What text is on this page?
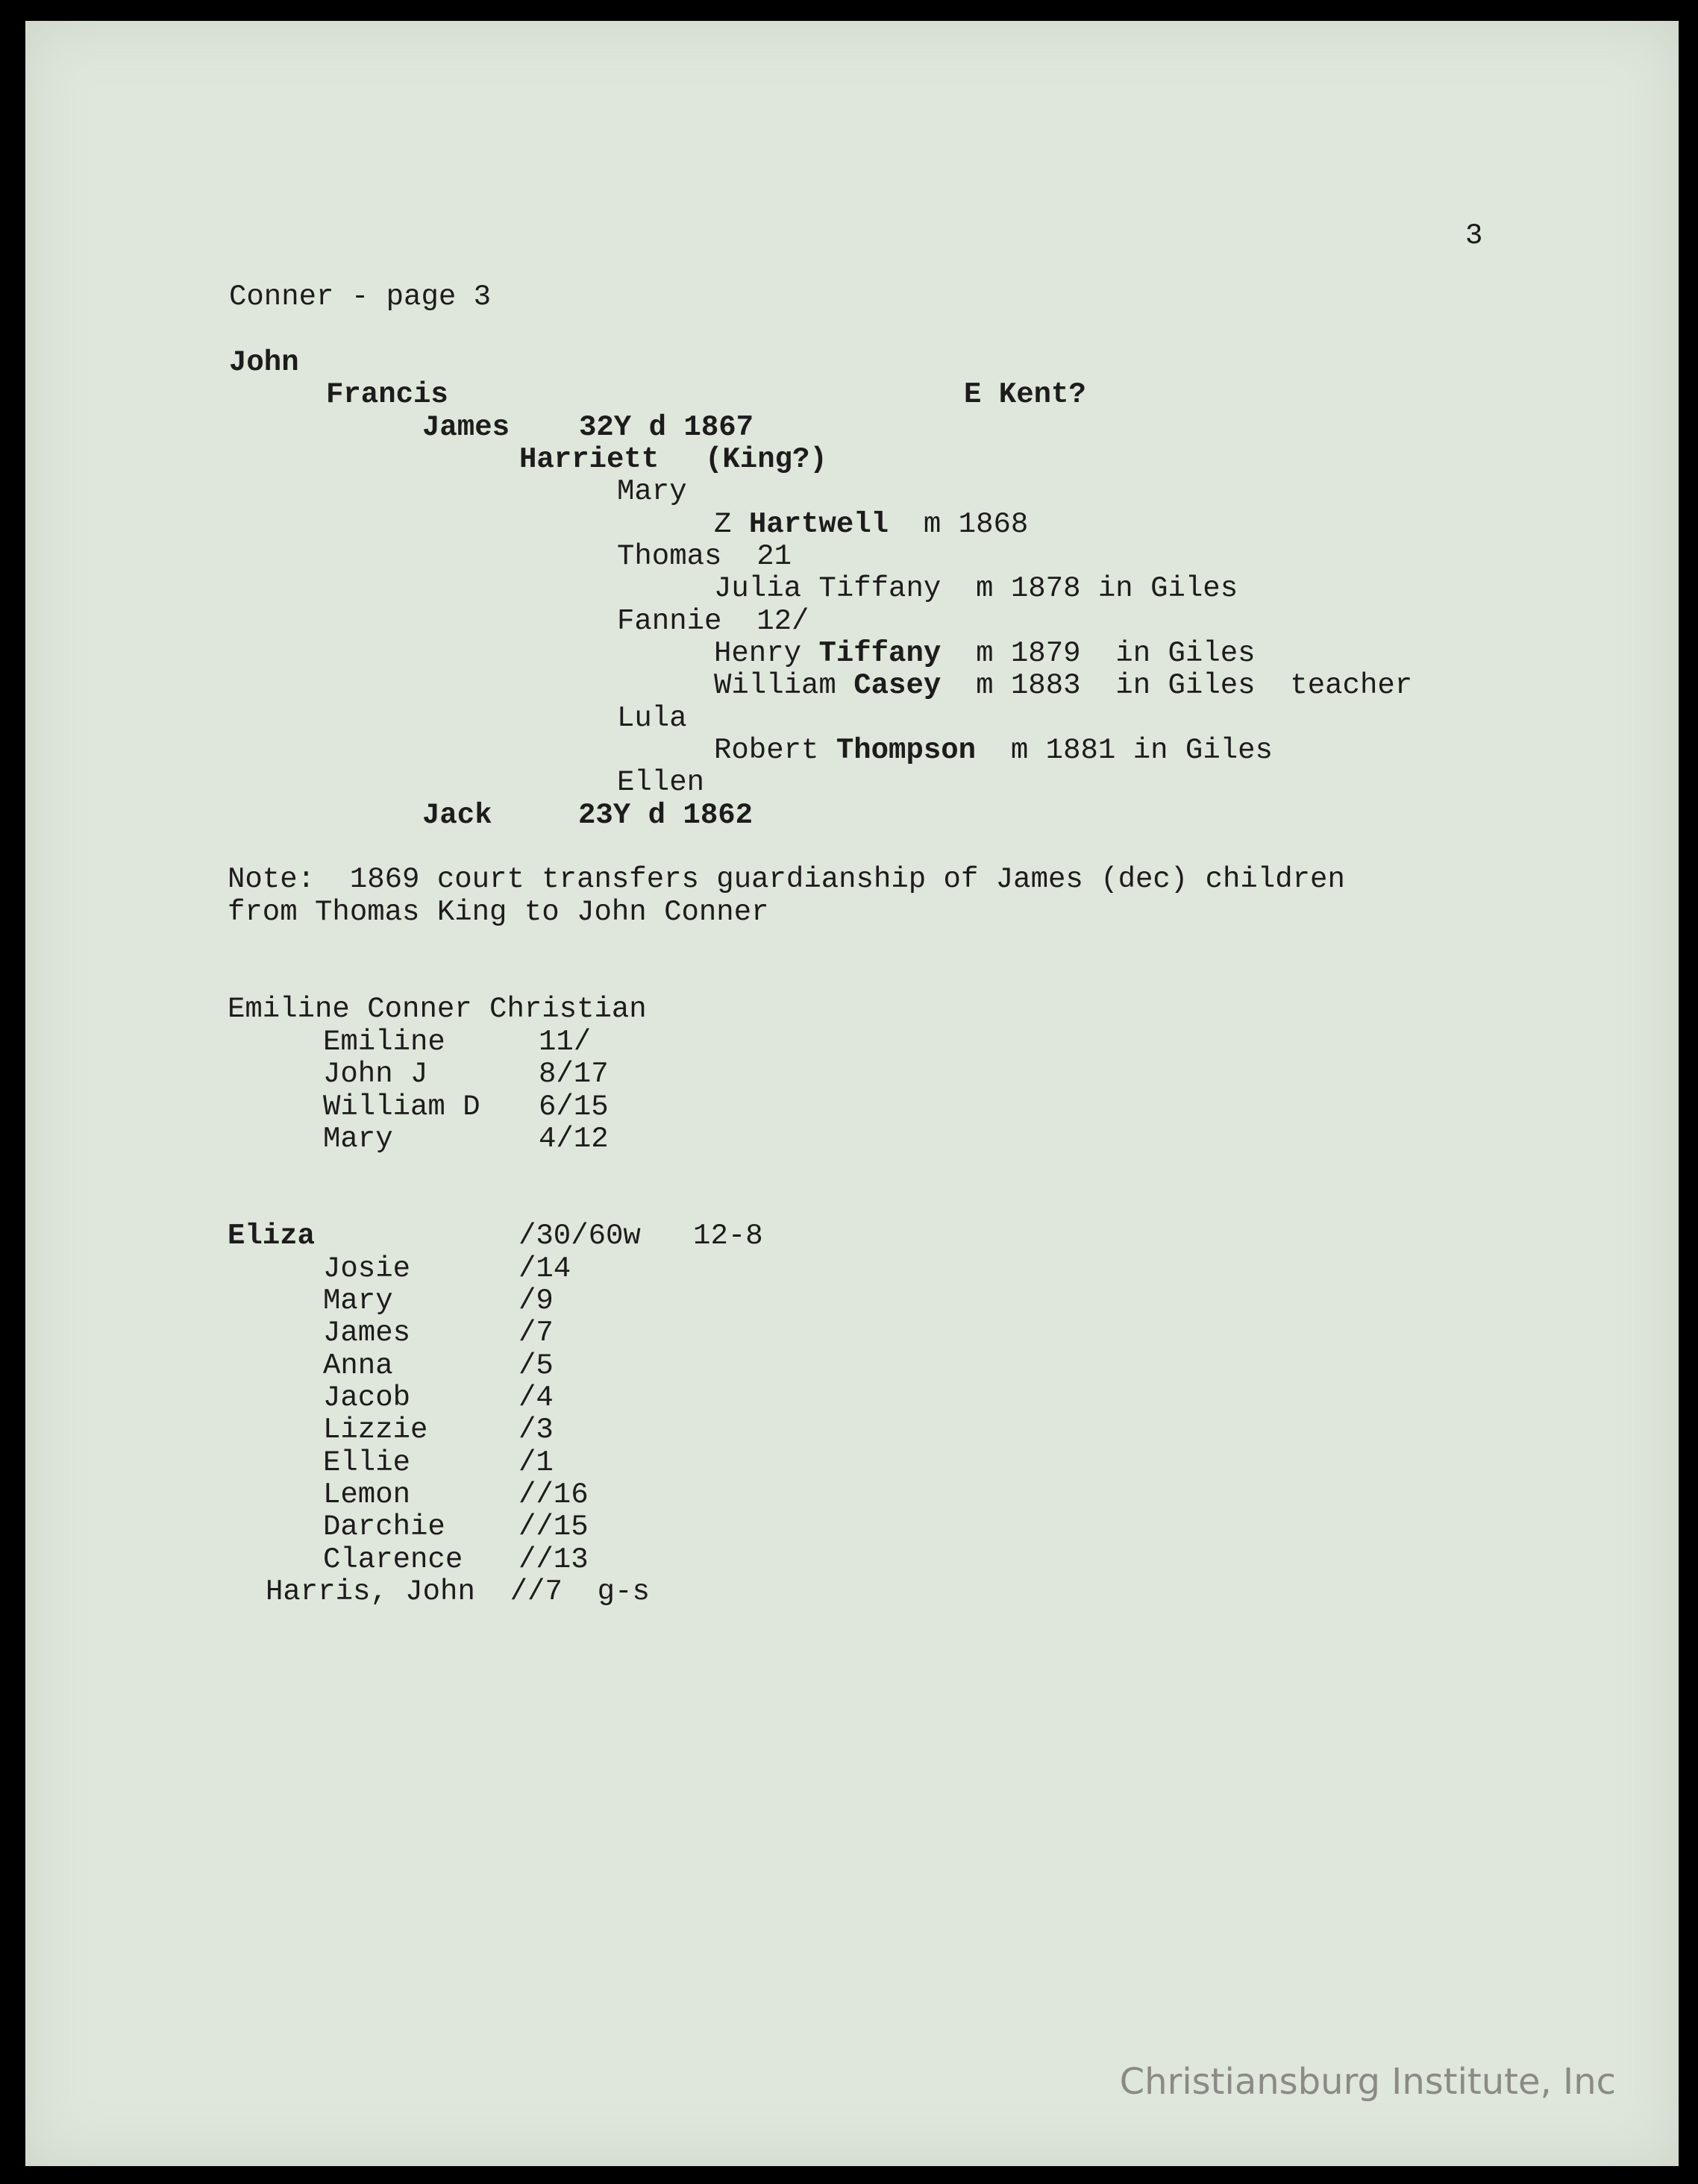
3
Conner - page 3
John
Francis	E Kent?
James 32Y d 1867
Harriett (King?)
Mary
Z Hartwell m 1868
Thomas  21
Julia Tiffany  m 1878 in Giles
Fannie  12/
Henry Tiffany m 1879  in Giles
William Casey m 1883  in Giles  teacher
Lula
Robert Thompson m 1881 in Giles
Ellen
Jack	23Y d 1862
Note:  1869 court transfers guardianship of James (dec) children
from Thomas King to John Conner
Emiline Conner Christian
Emiline	11/
John J	8/17
William D 6/15
Mary	4/12
Eliza	/30/60w   12-8
Josie	/14
Mary	/9
James	/7
Anna	/5
Jacob	/4
Lizzie	/3
Ellie	/1
Lemon	//16
Darchie	//15
Clarence //13
Harris, John  //7  g-s
Christiansburg Institute, Inc
